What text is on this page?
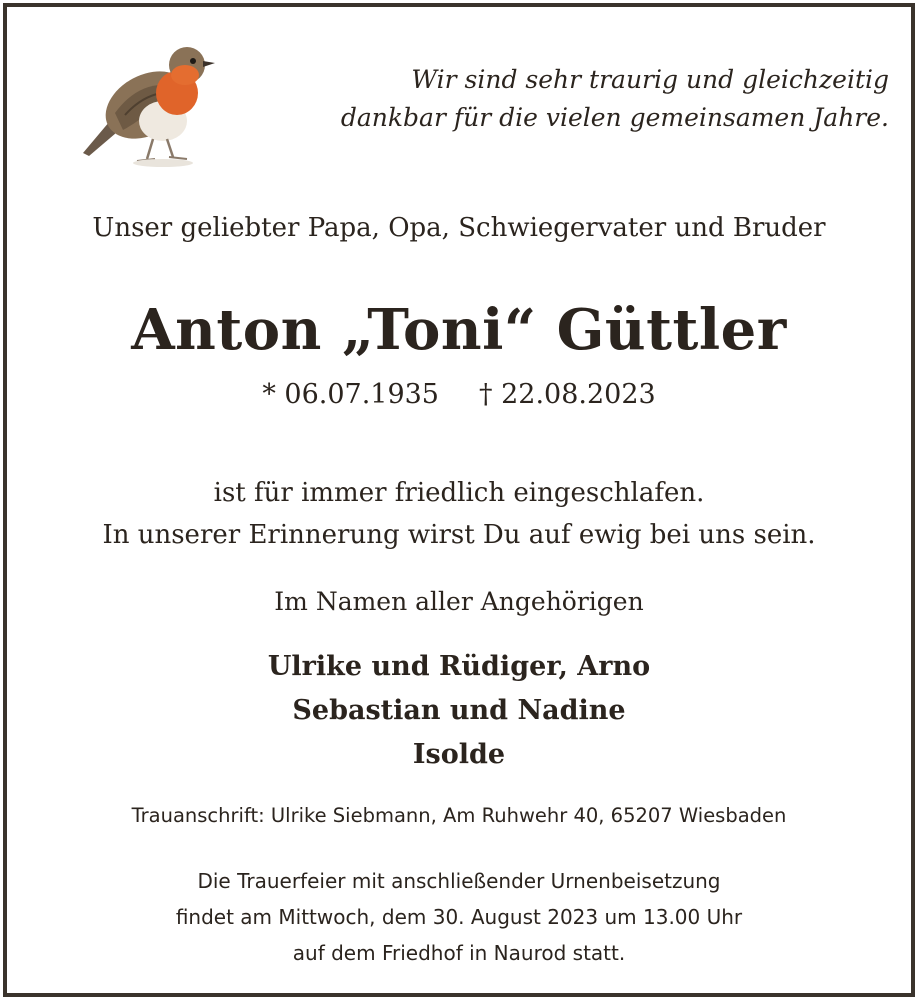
Wir sind sehr traurig und gleichzeitig
dankbar für die vielen gemeinsamen Jahre.
Unser geliebter Papa, Opa, Schwiegervater und Bruder
Anton „Toni“ Güttler
* 06.07.1935 † 22.08.2023
ist für immer friedlich eingeschlafen.
In unserer Erinnerung wirst Du auf ewig bei uns sein.
Im Namen aller Angehörigen
Ulrike und Rüdiger, Arno
Sebastian und Nadine
Isolde
Trauanschrift: Ulrike Siebmann, Am Ruhwehr 40, 65207 Wiesbaden
Die Trauerfeier mit anschließender Urnenbeisetzung
findet am Mittwoch, dem 30. August 2023 um 13.00 Uhr
auf dem Friedhof in Naurod statt.
